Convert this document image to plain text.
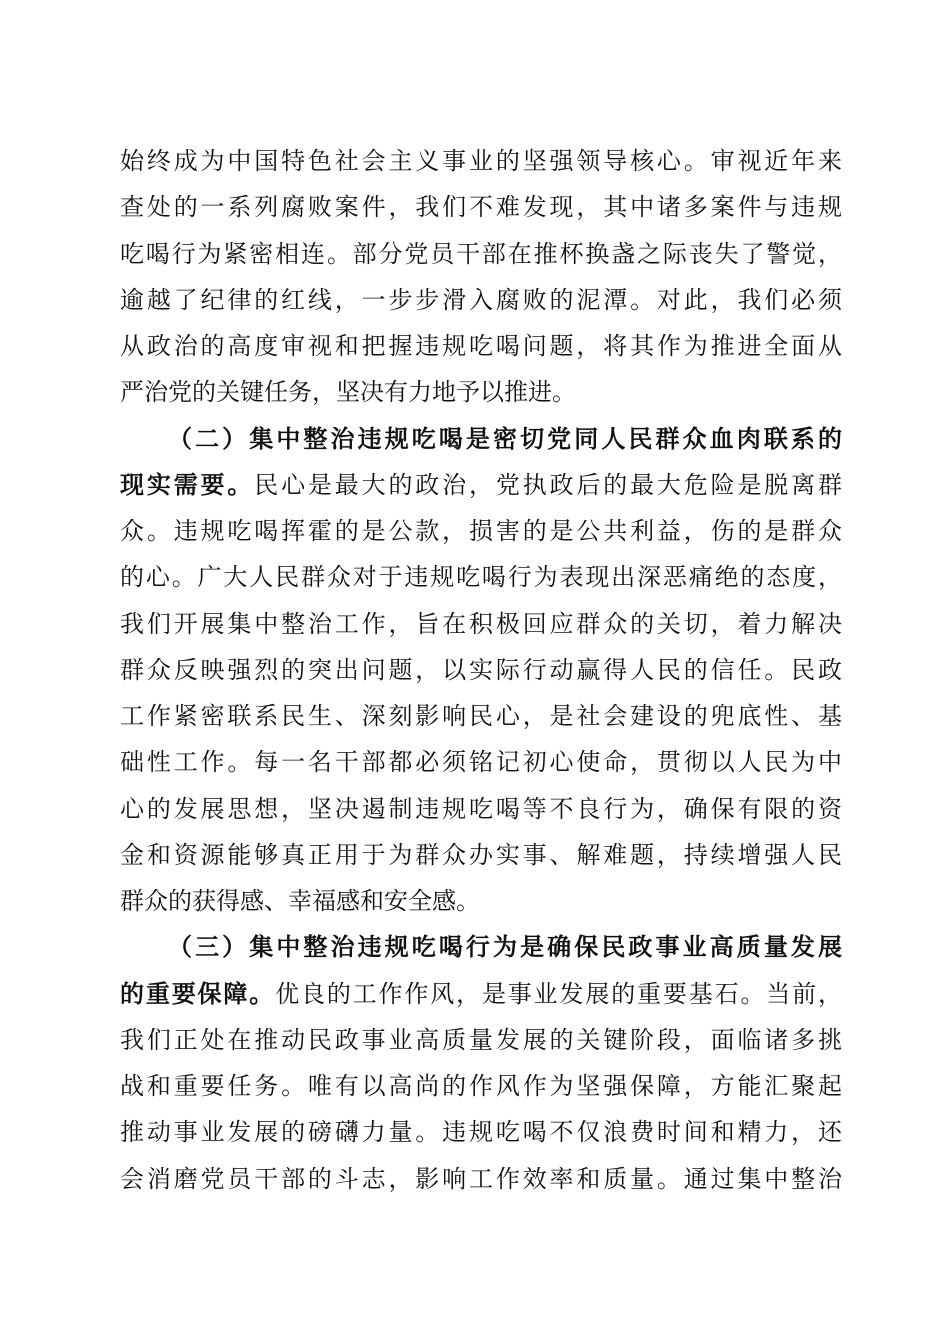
始终成为中国特色社会主义事业的坚强领导核心。审视近年来
查处的一系列腐败案件，我们不难发现，其中诸多案件与违规
吃喝行为紧密相连。部分党员干部在推杯换盏之际丧失了警觉，
逾越了纪律的红线，一步步滑入腐败的泥潭。对此，我们必须
从政治的高度审视和把握违规吃喝问题，将其作为推进全面从
严治党的关键任务，坚决有力地予以推进。
（二）集中整治违规吃喝是密切党同人民群众血肉联系的
现实需要。民心是最大的政治，党执政后的最大危险是脱离群
众。违规吃喝挥霍的是公款，损害的是公共利益，伤的是群众
的心。广大人民群众对于违规吃喝行为表现出深恶痛绝的态度，
我们开展集中整治工作，旨在积极回应群众的关切，着力解决
群众反映强烈的突出问题，以实际行动赢得人民的信任。民政
工作紧密联系民生、深刻影响民心，是社会建设的兜底性、基
础性工作。每一名干部都必须铭记初心使命，贯彻以人民为中
心的发展思想，坚决遏制违规吃喝等不良行为，确保有限的资
金和资源能够真正用于为群众办实事、解难题，持续增强人民
群众的获得感、幸福感和安全感。
（三）集中整治违规吃喝行为是确保民政事业高质量发展
的重要保障。优良的工作作风，是事业发展的重要基石。当前，
我们正处在推动民政事业高质量发展的关键阶段，面临诸多挑
战和重要任务。唯有以高尚的作风作为坚强保障，方能汇聚起
推动事业发展的磅礴力量。违规吃喝不仅浪费时间和精力，还
会消磨党员干部的斗志，影响工作效率和质量。通过集中整治
